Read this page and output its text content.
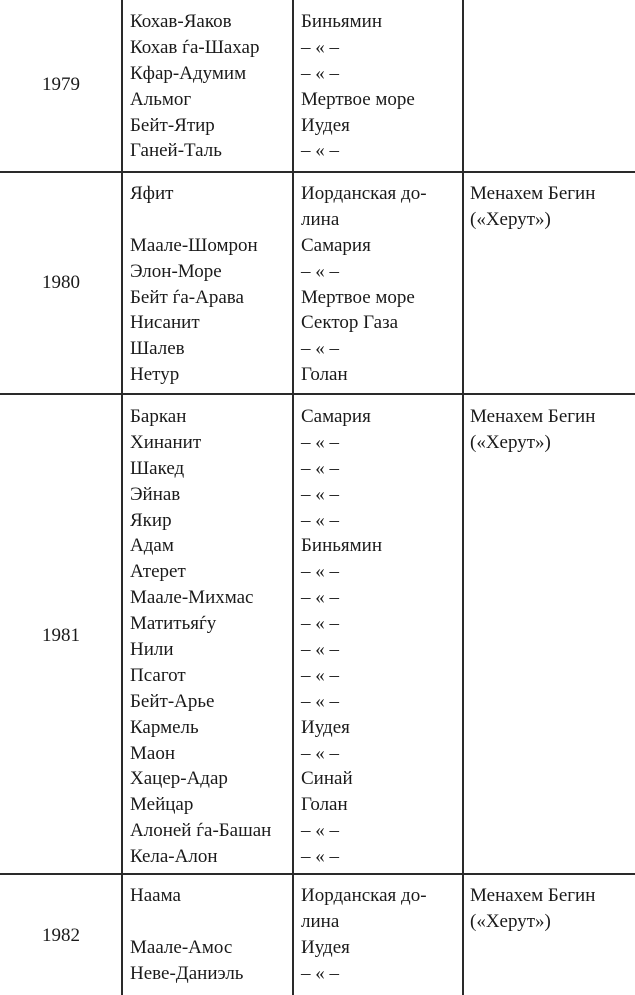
1979
Кохав-Яаков
Кохав ѓа-Шахар
Кфар-Адумим
Альмог
Бейт-Ятир
Ганей-Таль
Биньямин
– « –
– « –
Мертвое море
Иудея
– « –
1980
Яфит
Маале-Шомрон
Элон-Море
Бейт ѓа-Арава
Нисанит
Шалев
Нетур
Иорданская до-
лина
Самария
– « –
Мертвое море
Сектор Газа
– « –
Голан
Менахем Бегин
(«Херут»)
1981
Баркан
Хинанит
Шакед
Эйнав
Якир
Адам
Атерет
Маале-Михмас
Матитьяѓу
Нили
Псагот
Бейт-Арье
Кармель
Маон
Хацер-Адар
Мейцар
Алоней ѓа-Башан
Кела-Алон
Самария
– « –
– « –
– « –
– « –
Биньямин
– « –
– « –
– « –
– « –
– « –
– « –
Иудея
– « –
Синай
Голан
– « –
– « –
Менахем Бегин
(«Херут»)
1982
Наама
Маале-Амос
Неве-Даниэль
Иорданская до-
лина
Иудея
– « –
Менахем Бегин
(«Херут»)
